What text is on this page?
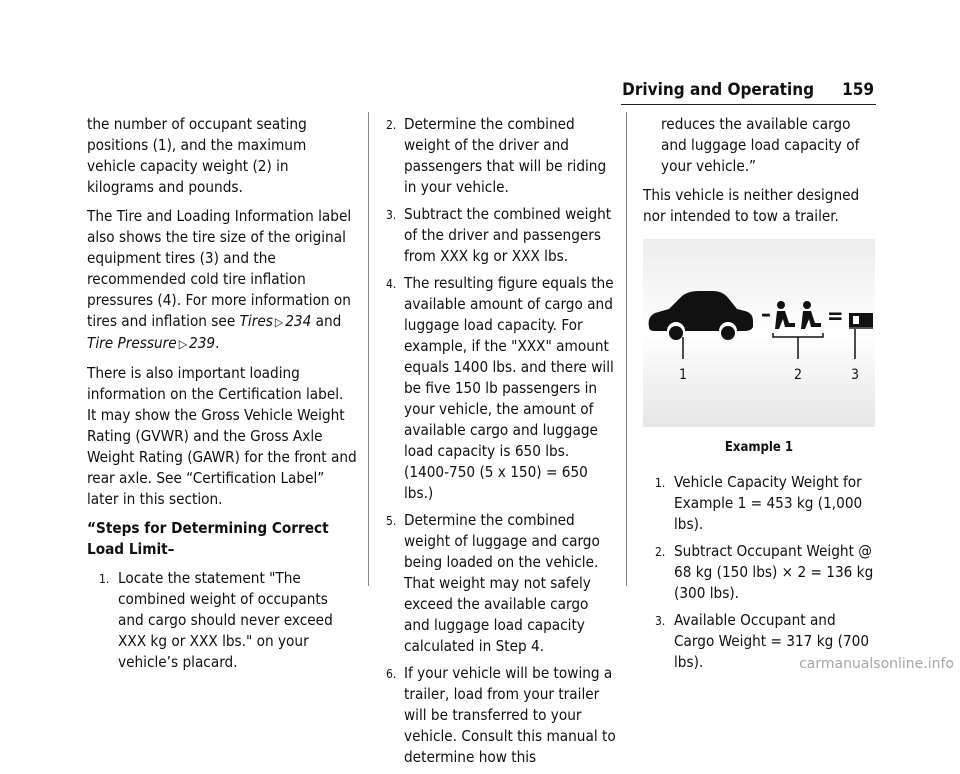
Driving and Operating 159

the number of occupant seating positions (1), and the maximum vehicle capacity weight (2) in kilograms and pounds.

The Tire and Loading Information label also shows the tire size of the original equipment tires (3) and the recommended cold tire inflation pressures (4). For more information on tires and inflation see Tires ▷ 234 and Tire Pressure ▷ 239.

There is also important loading information on the Certification label. It may show the Gross Vehicle Weight Rating (GVWR) and the Gross Axle Weight Rating (GAWR) for the front and rear axle. See “Certification Label” later in this section.

“Steps for Determining Correct Load Limit–

1. Locate the statement "The combined weight of occupants and cargo should never exceed XXX kg or XXX lbs." on your vehicle’s placard.
2. Determine the combined weight of the driver and passengers that will be riding in your vehicle.
3. Subtract the combined weight of the driver and passengers from XXX kg or XXX lbs.
4. The resulting figure equals the available amount of cargo and luggage load capacity. For example, if the "XXX" amount equals 1400 lbs. and there will be five 150 lb passengers in your vehicle, the amount of available cargo and luggage load capacity is 650 lbs. (1400-750 (5 x 150) = 650 lbs.)
5. Determine the combined weight of luggage and cargo being loaded on the vehicle. That weight may not safely exceed the available cargo and luggage load capacity calculated in Step 4.
6. If your vehicle will be towing a trailer, load from your trailer will be transferred to your vehicle. Consult this manual to determine how this
reduces the available cargo and luggage load capacity of your vehicle.”

This vehicle is neither designed nor intended to tow a trailer.

–	=
1	2	3
Example 1
1. Vehicle Capacity Weight for Example 1 = 453 kg (1,000 lbs).
2. Subtract Occupant Weight @ 68 kg (150 lbs) × 2 = 136 kg (300 lbs).
3. Available Occupant and Cargo Weight = 317 kg (700 lbs).	carmanualsonline.info
